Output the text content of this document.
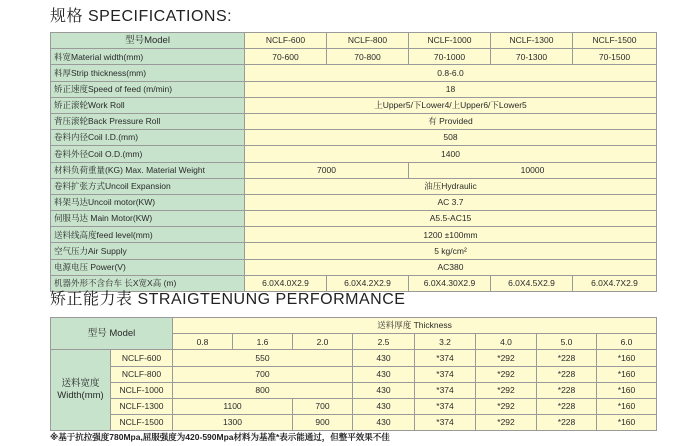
规格 SPECIFICATIONS:
型号Model	NCLF-600	NCLF-800	NCLF-1000	NCLF-1300	NCLF-1500
料宽Material width(mm)	70-600	70-800	70-1000	70-1300	70-1500
料厚Strip thickness(mm)	0.8-6.0				
矫正速度Speed of feed (m/min)	18				
矫正滚轮Work Roll	上Upper5/下Lower4/上Upper6/下Lower5				
背压滚轮Back Pressure Roll	有 Provided				
卷料内径Coil I.D.(mm)	508				
卷料外径Coil O.D.(mm)	1400				
材料负荷重量(KG) Max. Material Weight	7000		10000		
卷料扩张方式Uncoil Expansion	油压Hydraulic				
料架马达Uncoil motor(KW)	AC 3.7				
伺服马达 Main Motor(KW)	A5.5-AC15				
送料线高度feed level(mm)	1200 ±100mm				
空气压力Air Supply	5 kg/cm²				
电源电压 Power(V)	AC380				
机器外形不含台车 长X宽X高 (m)	6.0X4.0X2.9	6.0X4.2X2.9	6.0X4.30X2.9	6.0X4.5X2.9	6.0X4.7X2.9
矫正能力表 STRAIGTENUNG PERFORMANCE
型号 Model		送料厚度 Thickness							
		0.8	1.6	2.0	2.5	3.2	4.0	5.0	6.0
送料宽度
Width(mm)	NCLF-600	550			430	*374	*292	*228	*160
	NCLF-800	700			430	*374	*292	*228	*160
	NCLF-1000	800			430	*374	*292	*228	*160
	NCLF-1300	1100		700	430	*374	*292	*228	*160
	NCLF-1500	1300		900	430	*374	*292	*228	*160
※基于抗拉强度780Mpa,屈服强度为420-590Mpa材料为基准*表示能通过，但整平效果不佳
